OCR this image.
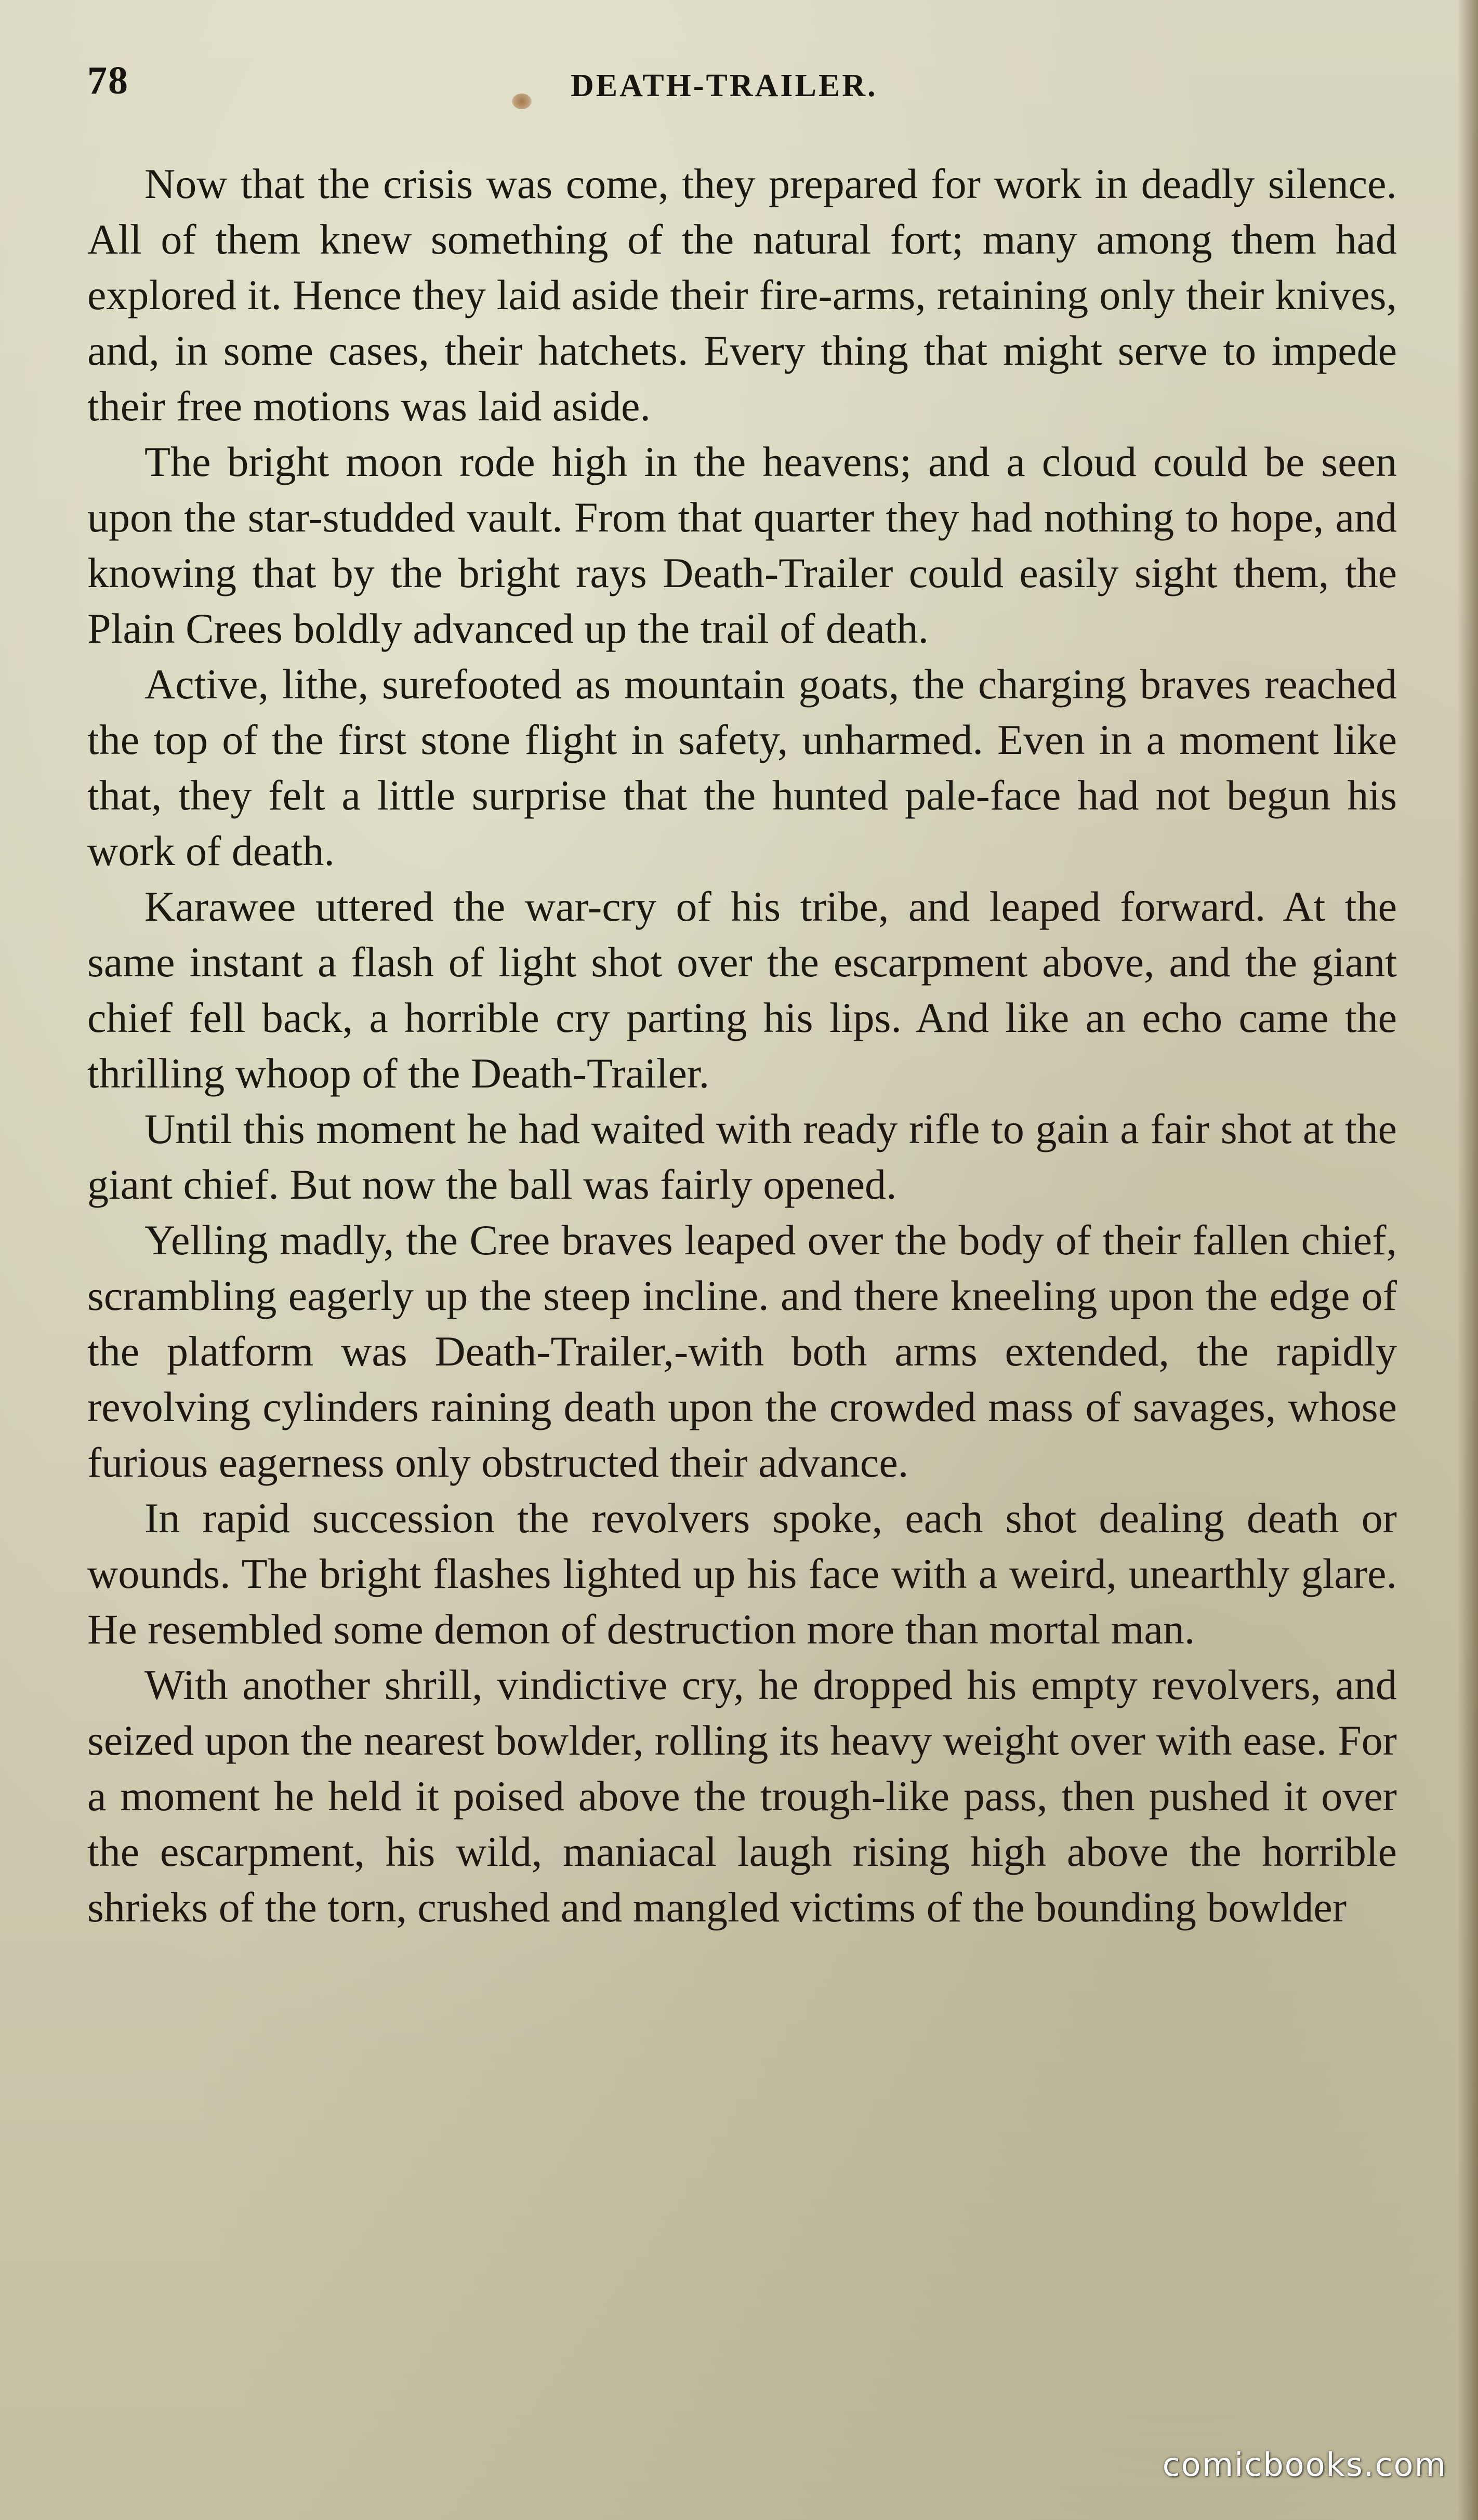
78	DEATH-TRAILER.

Now that the crisis was come, they prepared for work in deadly silence. All of them knew something of the natural fort; many among them had explored it. Hence they laid aside their fire-arms, retaining only their knives, and, in some cases, their hatchets. Every thing that might serve to impede their free motions was laid aside.

The bright moon rode high in the heavens; and a cloud could be seen upon the star-studded vault. From that quarter they had nothing to hope, and knowing that by the bright rays Death-Trailer could easily sight them, the Plain Crees boldly advanced up the trail of death.

Active, lithe, surefooted as mountain goats, the charging braves reached the top of the first stone flight in safety, unharmed. Even in a moment like that, they felt a little surprise that the hunted pale-face had not begun his work of death.

Karawee uttered the war-cry of his tribe, and leaped forward. At the same instant a flash of light shot over the escarpment above, and the giant chief fell back, a horrible cry parting his lips. And like an echo came the thrilling whoop of the Death-Trailer.

Until this moment he had waited with ready rifle to gain a fair shot at the giant chief. But now the ball was fairly opened.

Yelling madly, the Cree braves leaped over the body of their fallen chief, scrambling eagerly up the steep incline. and there kneeling upon the edge of the platform was Death-Trailer,-with both arms extended, the rapidly revolving cylinders raining death upon the crowded mass of savages, whose furious eagerness only obstructed their advance.

In rapid succession the revolvers spoke, each shot dealing death or wounds. The bright flashes lighted up his face with a weird, unearthly glare. He resembled some demon of destruction more than mortal man.

With another shrill, vindictive cry, he dropped his empty revolvers, and seized upon the nearest bowlder, rolling its heavy weight over with ease. For a moment he held it poised above the trough-like pass, then pushed it over the escarpment, his wild, maniacal laugh rising high above the horrible shrieks of the torn, crushed and mangled victims of the bounding bowlder

comicbooks.com
